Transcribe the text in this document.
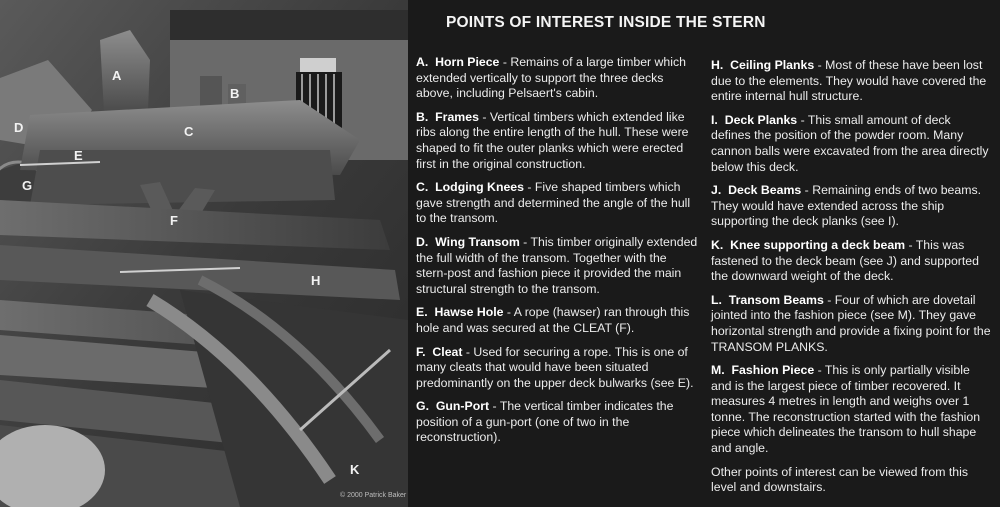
A
B
C
D
E
F
G
H
K
© 2000 Patrick Baker
POINTS OF INTEREST INSIDE THE STERN

A. Horn Piece - Remains of a large timber which extended vertically to support the three decks above, including Pelsaert's cabin.

B. Frames - Vertical timbers which extended like ribs along the entire length of the hull. These were shaped to fit the outer planks which were erected first in the original construction.

C. Lodging Knees - Five shaped timbers which gave strength and determined the angle of the hull to the transom.

D. Wing Transom - This timber originally extended the full width of the transom. Together with the stern-post and fashion piece it provided the main structural strength to the transom.

E. Hawse Hole - A rope (hawser) ran through this hole and was secured at the CLEAT (F).

F. Cleat - Used for securing a rope. This is one of many cleats that would have been situated predominantly on the upper deck bulwarks (see E).

G. Gun-Port - The vertical timber indicates the position of a gun-port (one of two in the reconstruction).

H. Ceiling Planks - Most of these have been lost due to the elements. They would have covered the entire internal hull structure.

I. Deck Planks - This small amount of deck defines the position of the powder room. Many cannon balls were excavated from the area directly below this deck.

J. Deck Beams - Remaining ends of two beams. They would have extended across the ship supporting the deck planks (see I).

K. Knee supporting a deck beam - This was fastened to the deck beam (see J) and supported the downward weight of the deck.

L. Transom Beams - Four of which are dovetail jointed into the fashion piece (see M). They gave horizontal strength and provide a fixing point for the TRANSOM PLANKS.

M. Fashion Piece - This is only partially visible and is the largest piece of timber recovered. It measures 4 metres in length and weighs over 1 tonne. The reconstruction started with the fashion piece which delineates the transom to hull shape and angle.

Other points of interest can be viewed from this level and downstairs.
